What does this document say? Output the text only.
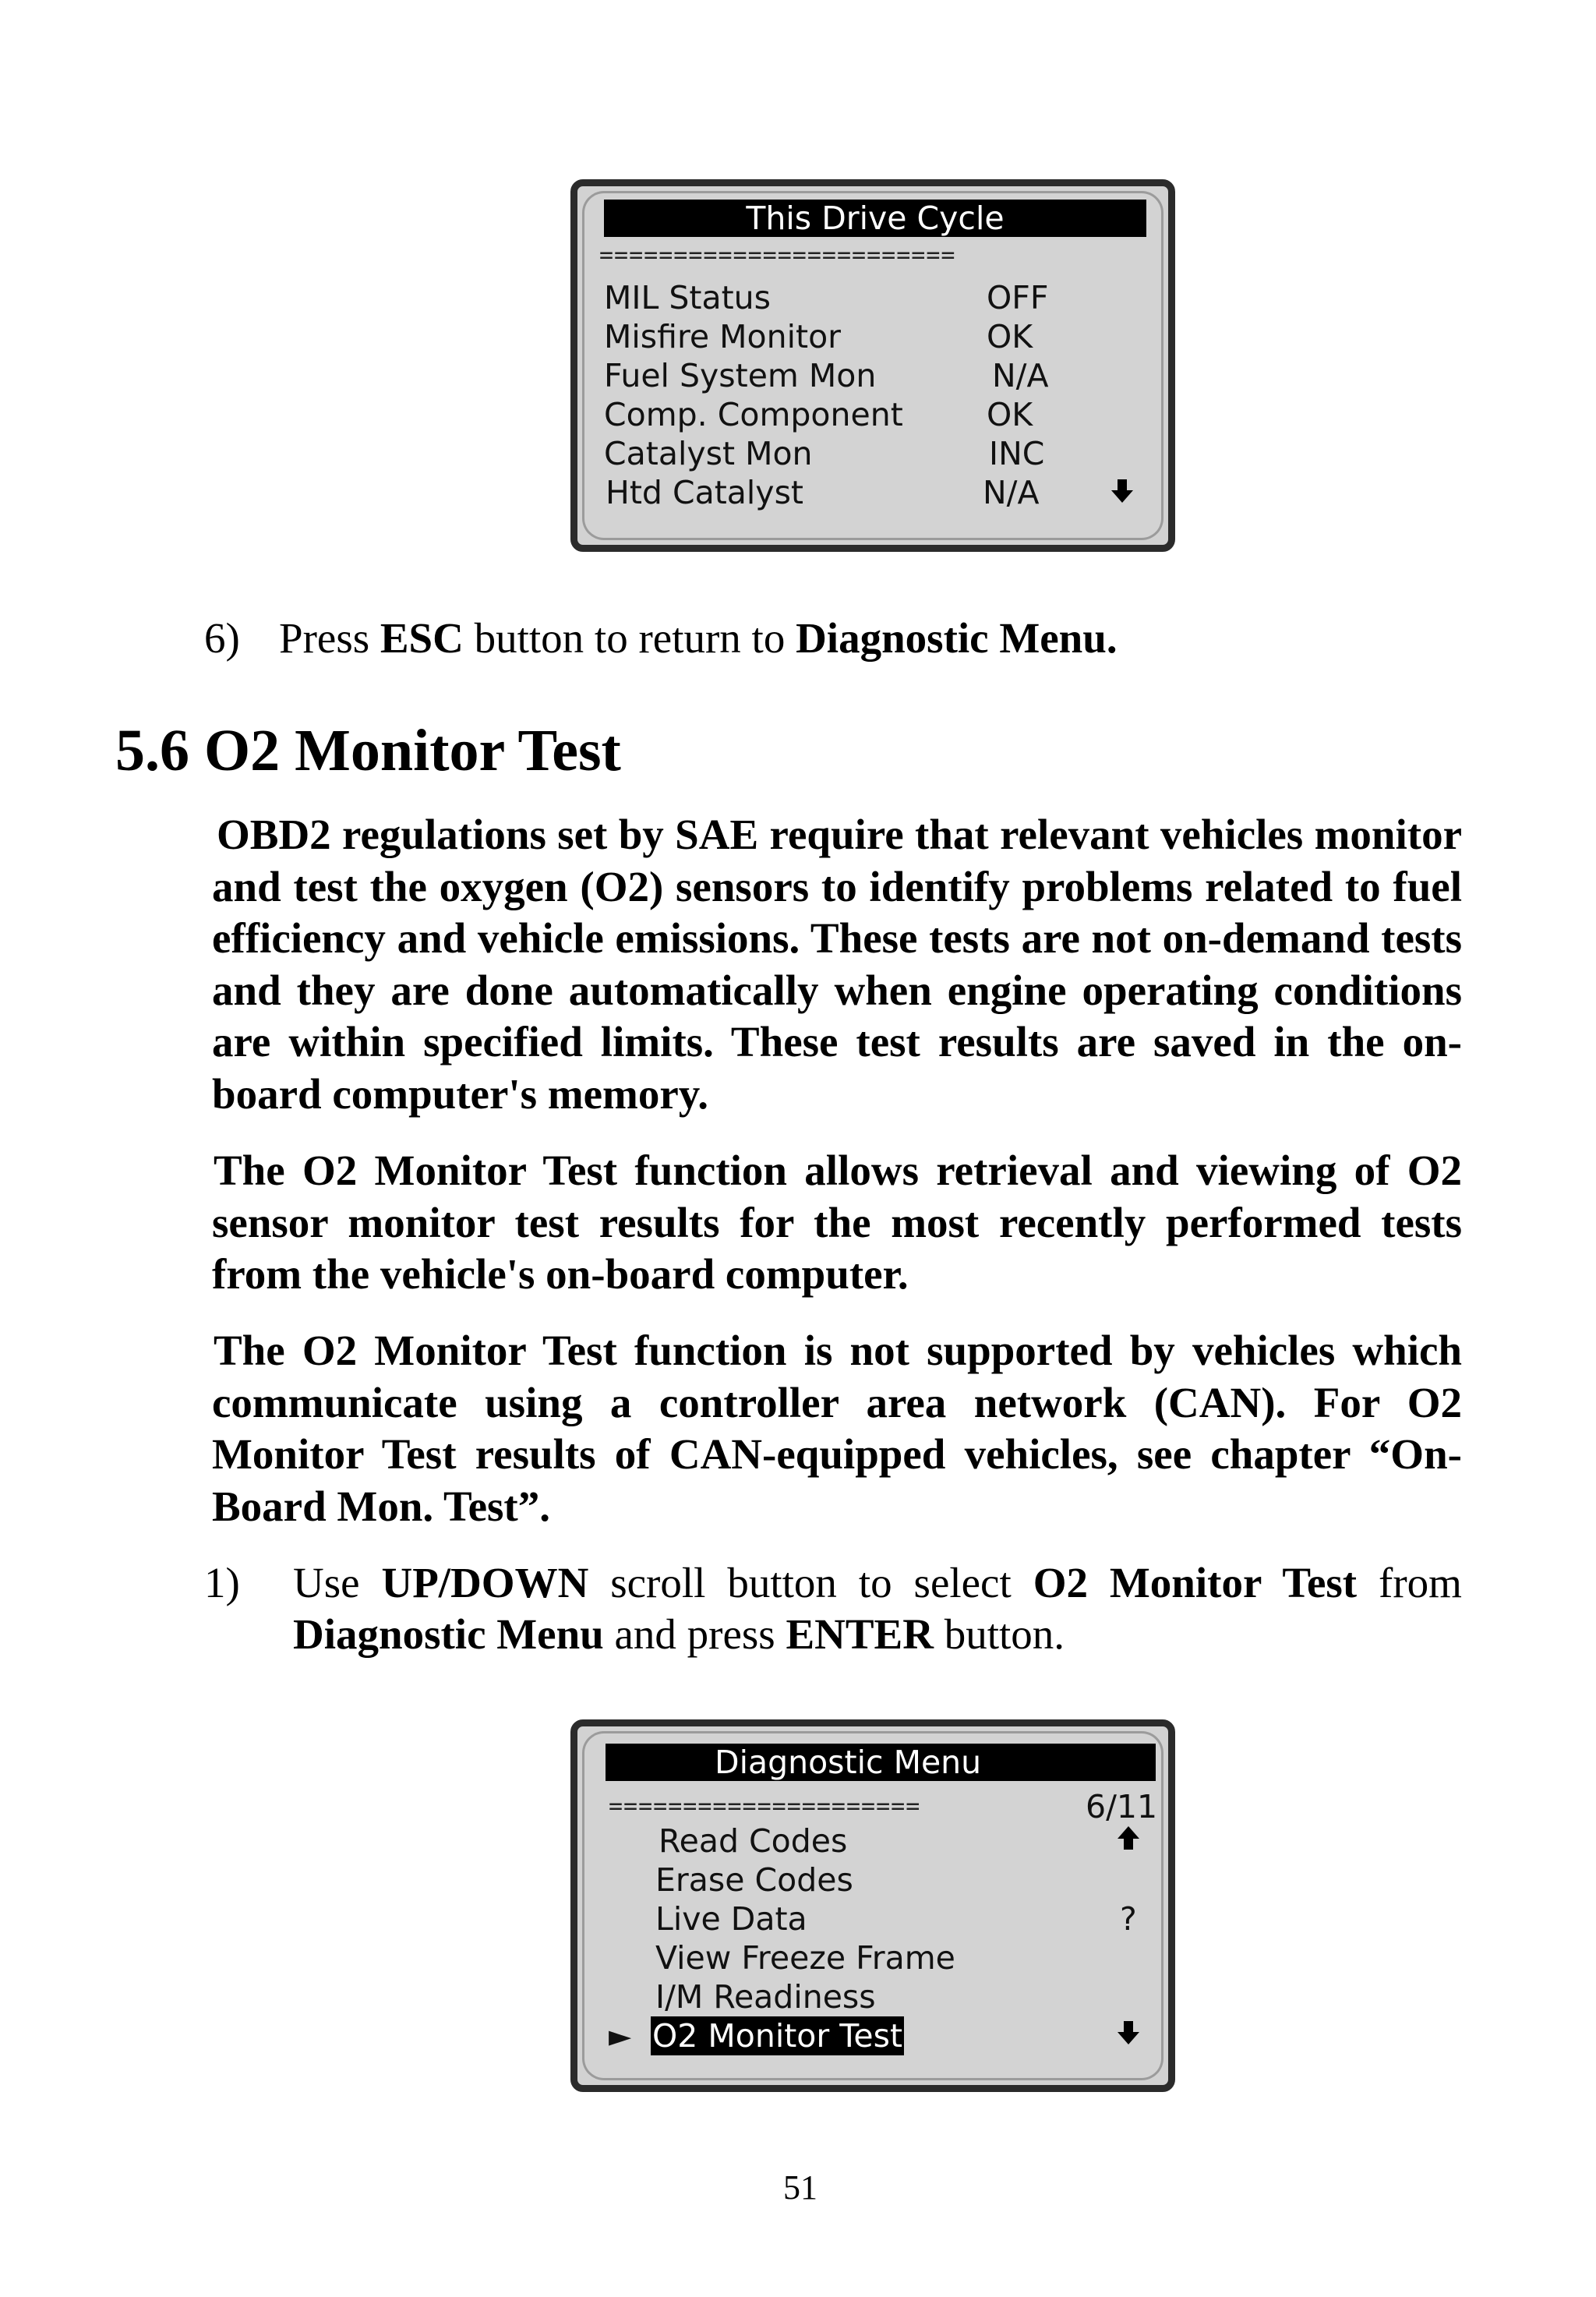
This Drive Cycle
========================
MIL Status	OFF
Misfire Monitor	OK
Fuel System Mon	N/A
Comp. Component	OK
Catalyst Mon	INC
Htd Catalyst	N/A
6) Press ESC button to return to Diagnostic Menu.
5.6 O2 Monitor Test
OBD2 regulations set by SAE require that relevant vehicles monitor and test the oxygen (O2) sensors to identify problems related to fuel efficiency and vehicle emissions. These tests are not on-demand tests and they are done automatically when engine operating conditions are within specified limits. These test results are saved in the on-board computer's memory.
The O2 Monitor Test function allows retrieval and viewing of O2 sensor monitor test results for the most recently performed tests from the vehicle's on-board computer.
The O2 Monitor Test function is not supported by vehicles which communicate using a controller area network (CAN). For O2 Monitor Test results of CAN-equipped vehicles, see chapter “On-Board Mon. Test”.
1) Use UP/DOWN scroll button to select O2 Monitor Test from Diagnostic Menu and press ENTER button.
Diagnostic Menu
=====================	6/11
Read Codes
Erase Codes
Live Data	?
View Freeze Frame
I/M Readiness
► O2 Monitor Test
51
